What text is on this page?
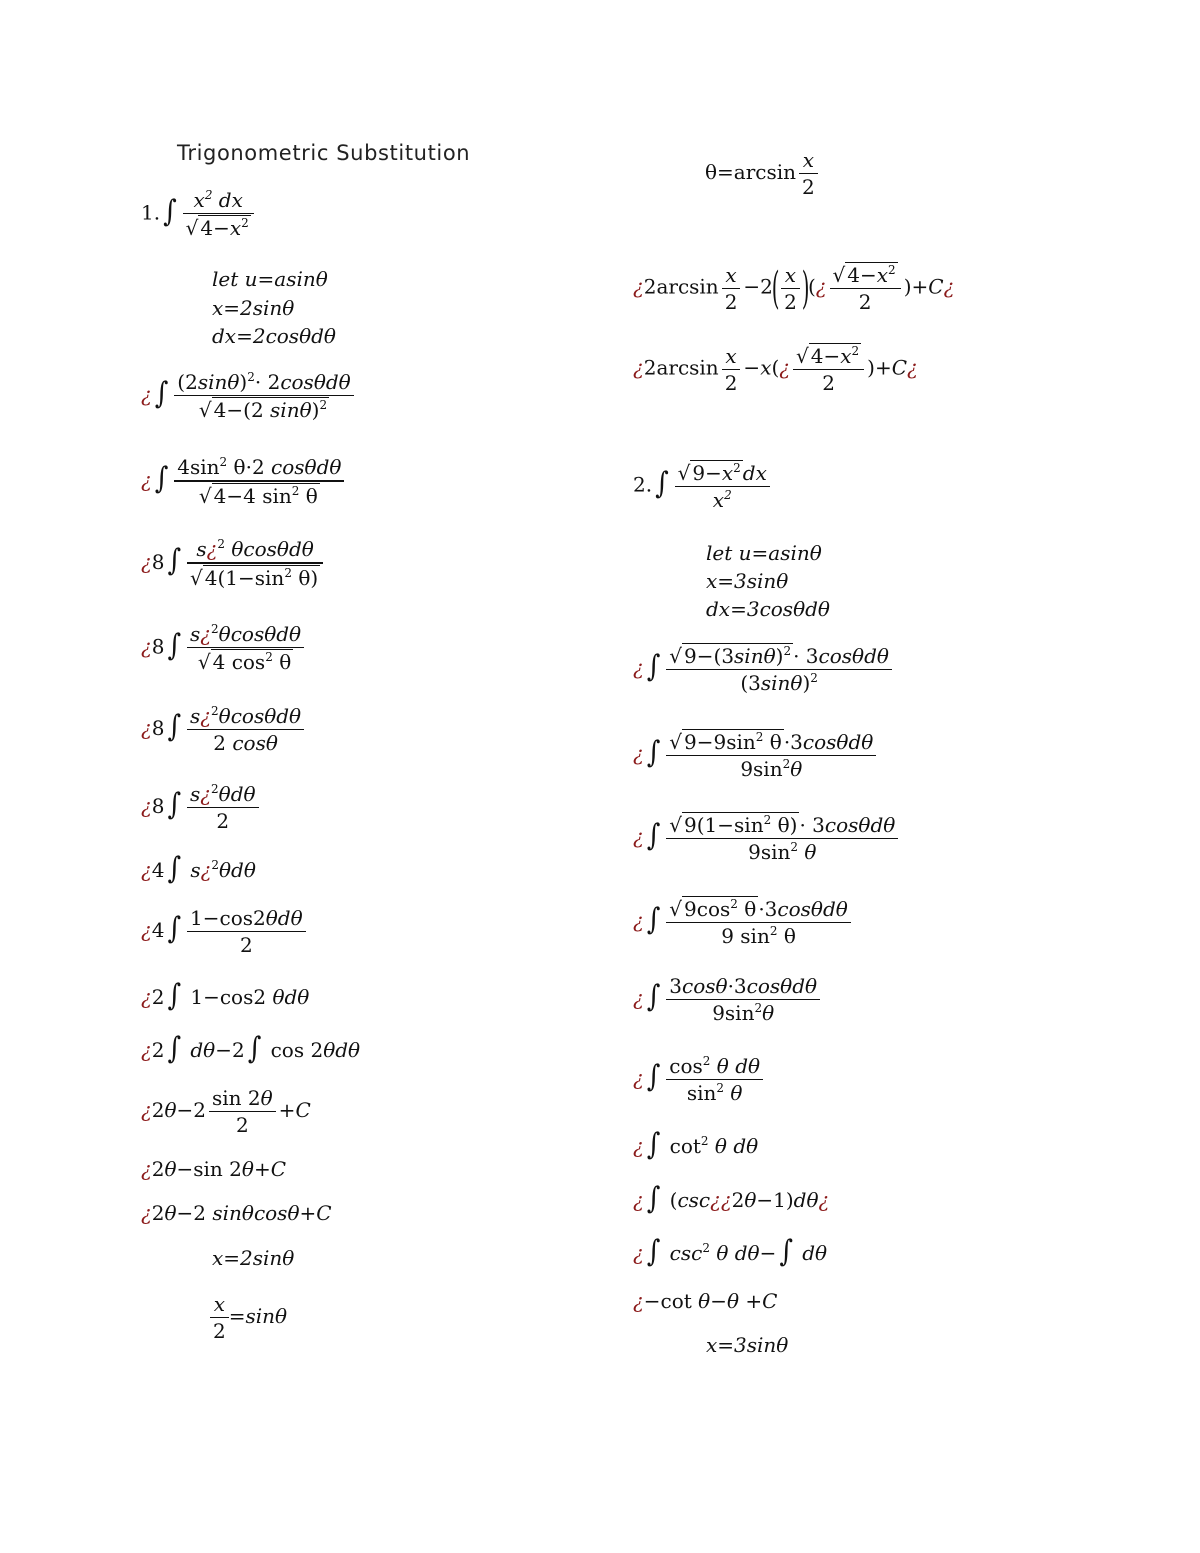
Trigonometric Substitution
1. ∫ $\frac{x^2 dx}{√ 4-x^2}$
let u=asinθ
x=2sinθ
dx=2cosθdθ
¿ ∫ $\frac{(2\sin\theta)^2\cdot 2\cos\theta d\theta}{√ 4-(2 \sin\theta)^2}$
¿ ∫ $\frac{4\sin^2 \theta\cdot 2 \cos\theta d\theta}{√ 4-4 \sin^2 \theta}$
¿8 ∫ $\frac{s¿^2 \theta\cos\theta d\theta}{√ 4(1-\sin^2 \theta)}$
¿8 ∫ $\frac{s¿^2\theta\cos\theta d\theta}{√ 4 \cos^2 \theta}$
¿8 ∫ $\frac{s¿^2\theta\cos\theta d\theta}{2 \cos\theta}$
¿8 ∫ $\frac{s¿^2\theta d\theta}{2}$
¿4 ∫ s¿$^2$θdθ
¿4 ∫ $\frac{\text{1−cos2θdθ}}{2}$
¿2 ∫ 1−cos2 θdθ
¿2 ∫ dθ−2 ∫ cos 2θdθ
¿$2\theta-2 \frac{\sin 2\theta}{2} +C$
¿2θ−sin 2θ+C
¿2θ−2 sinθcosθ+C
x=2sinθ
$\frac{x}{2} =\sin\theta$
$\theta=\arcsin \frac{x}{2}$
¿$2\arcsin \frac{x}{2} -2( \frac{x}{2}$ )(¿ $\frac{√ 4-x^2}{2}$ )+C¿
¿$2\arcsin \frac{x}{2}$ −x(¿ $\frac{√ 4-x^2}{2}$ )+C¿
2. ∫ $\frac{√ 9-x^2 dx}{x^2}$
let u=asinθ
x=3sinθ
dx=3cosθdθ
¿ ∫ $\frac{√ 9-(3\sin\theta)^2 \cdot 3\cos\theta d\theta}{(3\sin\theta)^2}$
¿ ∫ $\frac{√ 9-9\sin^2 \theta \cdot 3\cos\theta d\theta}{9\sin^2\theta}$
¿ ∫ $\frac{√ 9(1-\sin^2 \theta) \cdot 3\cos\theta d\theta}{9\sin^2 \theta}$
¿ ∫ $\frac{√ 9\cos^2 \theta \cdot 3\cos\theta d\theta}{9 \sin^2 \theta}$
¿ ∫ $\frac{\text{3cosθ·3cosθdθ}}{9\sin^2\theta}$
¿ ∫ $\frac{\cos^2 \theta d\theta}{\sin^2 \theta}$
¿ ∫ $\cot^2 \theta$ dθ
¿ ∫ (csc¿¿2θ−1)dθ¿
¿ ∫ $\csc^2 \theta$ dθ− ∫ dθ
¿−cot θ−θ +C
x=3sinθ
